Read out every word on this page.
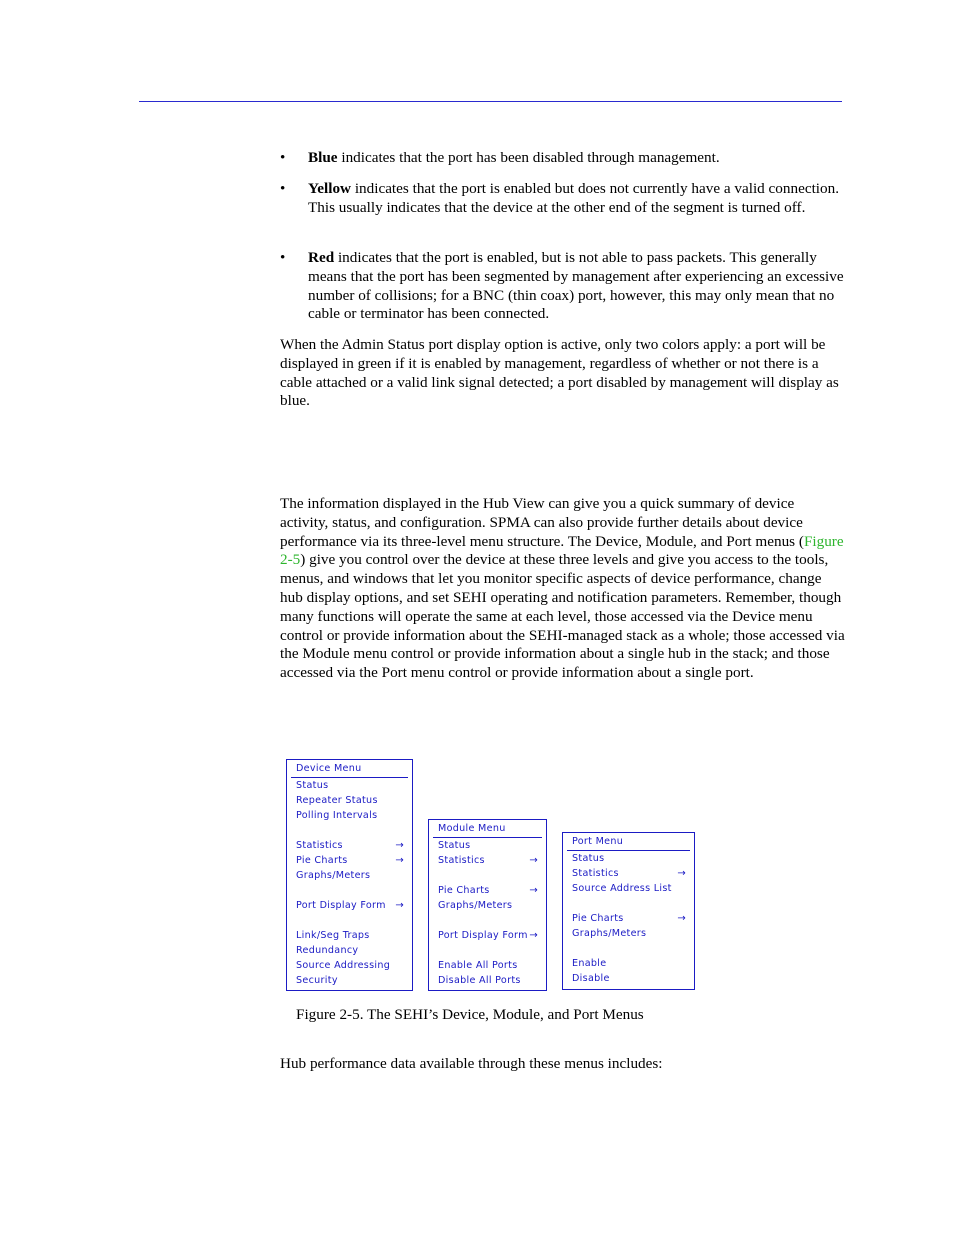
•	Blue indicates that the port has been disabled through management.
•	Yellow indicates that the port is enabled but does not currently have a valid connection. This usually indicates that the device at the other end of the segment is turned off.
•	Red indicates that the port is enabled, but is not able to pass packets. This generally means that the port has been segmented by management after experiencing an excessive number of collisions; for a BNC (thin coax) port, however, this may only mean that no cable or terminator has been connected.
When the Admin Status port display option is active, only two colors apply: a port will be displayed in green if it is enabled by management, regardless of whether or not there is a cable attached or a valid link signal detected; a port disabled by management will display as blue.
The information displayed in the Hub View can give you a quick summary of device activity, status, and configuration. SPMA can also provide further details about device performance via its three-level menu structure. The Device, Module, and Port menus (Figure 2-5) give you control over the device at these three levels and give you access to the tools, menus, and windows that let you monitor specific aspects of device performance, change hub display options, and set SEHI operating and notification parameters. Remember, though many functions will operate the same at each level, those accessed via the Device menu control or provide information about the SEHI-managed stack as a whole; those accessed via the Module menu control or provide information about a single hub in the stack; and those accessed via the Port menu control or provide information about a single port.
Device Menu
Status
Repeater Status
Polling Intervals
Statistics	→
Pie Charts	→
Graphs/Meters
Port Display Form →
Link/Seg Traps
Redundancy
Source Addressing
Security
Module Menu
Status
Statistics	→
Pie Charts	→
Graphs/Meters
Port Display Form →
Enable All Ports
Disable All Ports
Port Menu
Status
Statistics	→
Source Address List
Pie Charts	→
Graphs/Meters
Enable
Disable
Figure 2-5. The SEHI’s Device, Module, and Port Menus
Hub performance data available through these menus includes:
